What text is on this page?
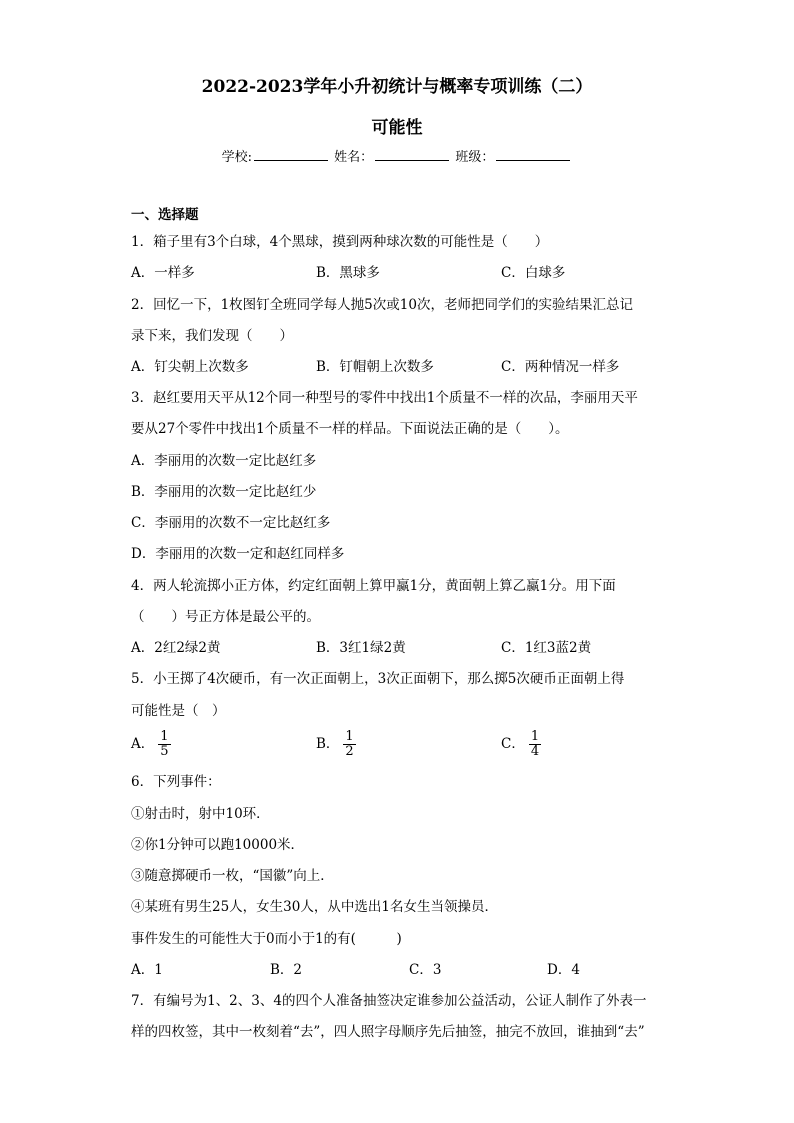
2022-2023学年小升初统计与概率专项训练（二）
可能性
学校:	姓名：	班级：
一、选择题
1．箱子里有3个白球，4个黑球，摸到两种球次数的可能性是（　　）
A．一样多	B．黑球多	C．白球多
2．回忆一下，1枚图钉全班同学每人抛5次或10次，老师把同学们的实验结果汇总记
录下来，我们发现（　　）
A．钉尖朝上次数多	B．钉帽朝上次数多	C．两种情况一样多
3．赵红要用天平从12个同一种型号的零件中找出1个质量不一样的次品，李丽用天平
要从27个零件中找出1个质量不一样的样品。下面说法正确的是（　　）。
A．李丽用的次数一定比赵红多
B．李丽用的次数一定比赵红少
C．李丽用的次数不一定比赵红多
D．李丽用的次数一定和赵红同样多
4．两人轮流掷小正方体，约定红面朝上算甲赢1分，黄面朝上算乙赢1分。用下面
（　　）号正方体是最公平的。
A．2红2绿2黄	B．3红1绿2黄	C．1红3蓝2黄
5．小王掷了4次硬币，有一次正面朝上，3次正面朝下，那么掷5次硬币正面朝上得
可能性是（　）
A． $\frac{1}{5}$	B． $\frac{1}{2}$	C． $\frac{1}{4}$
6．下列事件：
①射击时，射中10环．
②你1分钟可以跑10000米．
③随意掷硬币一枚，“国徽”向上．
④某班有男生25人，女生30人，从中选出1名女生当领操员．
事件发生的可能性大于0而小于1的有(　　　)
A．1	B．2	C．3	D．4
7．有编号为1、2、3、4的四个人准备抽签决定谁参加公益活动，公证人制作了外表一
样的四枚签，其中一枚刻着“去”，四人照字母顺序先后抽签，抽完不放回，谁抽到“去”
